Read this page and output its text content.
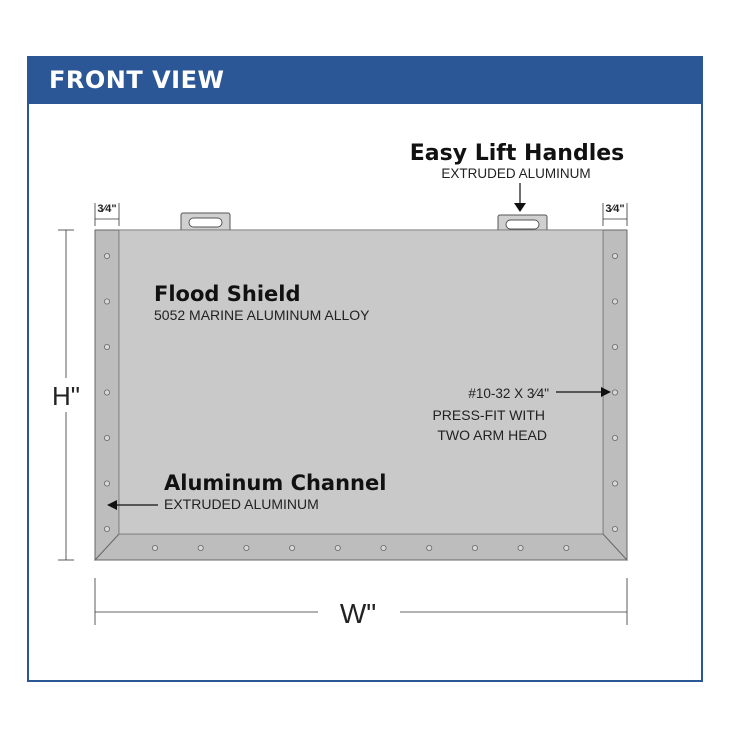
FRONT VIEW
3⁄4"	3⁄4"
H"
W"
Easy Lift Handles
EXTRUDED ALUMINUM
Flood Shield
5052 MARINE ALUMINUM ALLOY
#10-32 X 3⁄4"
PRESS-FIT WITH
TWO ARM HEAD
Aluminum Channel
EXTRUDED ALUMINUM
